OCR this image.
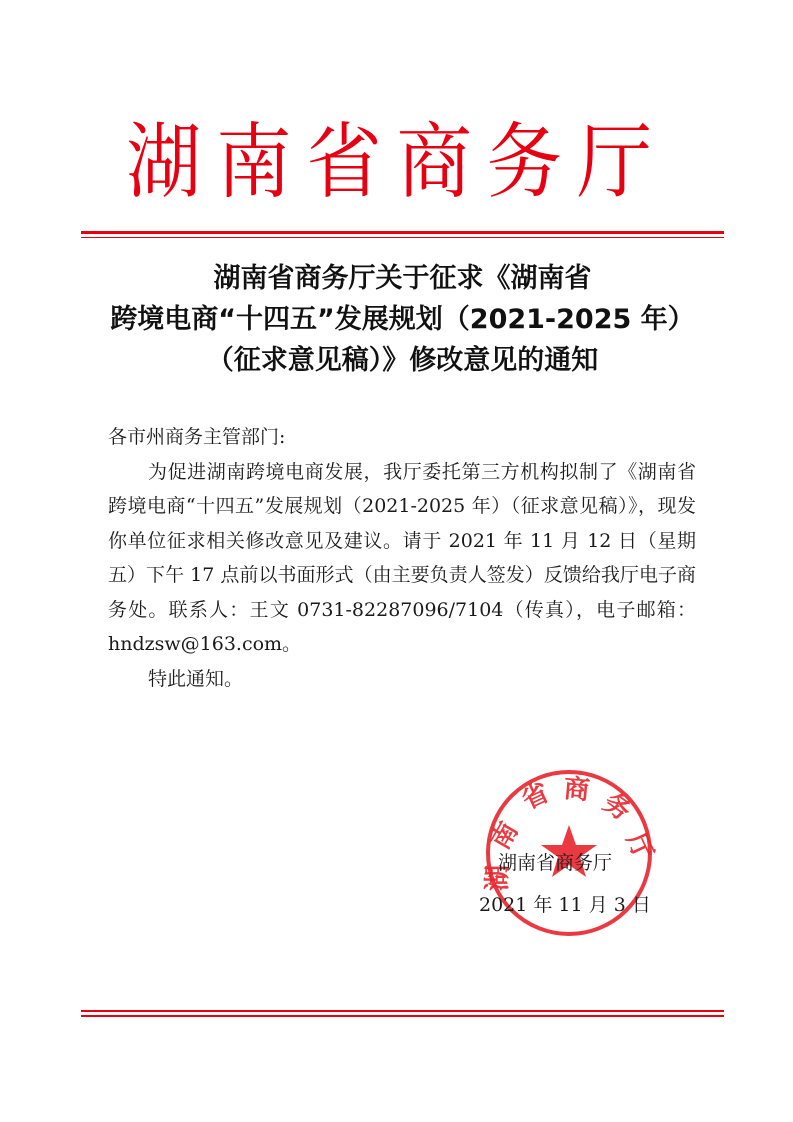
湖南省商务厅
湖南省商务厅关于征求《湖南省
跨境电商“十四五”发展规划（2021-2025 年）
（征求意见稿）》修改意见的通知
各市州商务主管部门:

为促进湖南跨境电商发展，我厅委托第三方机构拟制了《湖南省跨境电商“十四五”发展规划（2021-2025 年）（征求意见稿）》，现发你单位征求相关修改意见及建议。请于 2021 年 11 月 12 日（星期五）下午 17 点前以书面形式（由主要负责人签发）反馈给我厅电子商务处。联系人：王文 0731-82287096/7104（传真），电子邮箱：hndzsw@163.com。

特此通知。

南
省 商 务
厅
湖
湖南省商务厅
2021 年 11 月 3 日
